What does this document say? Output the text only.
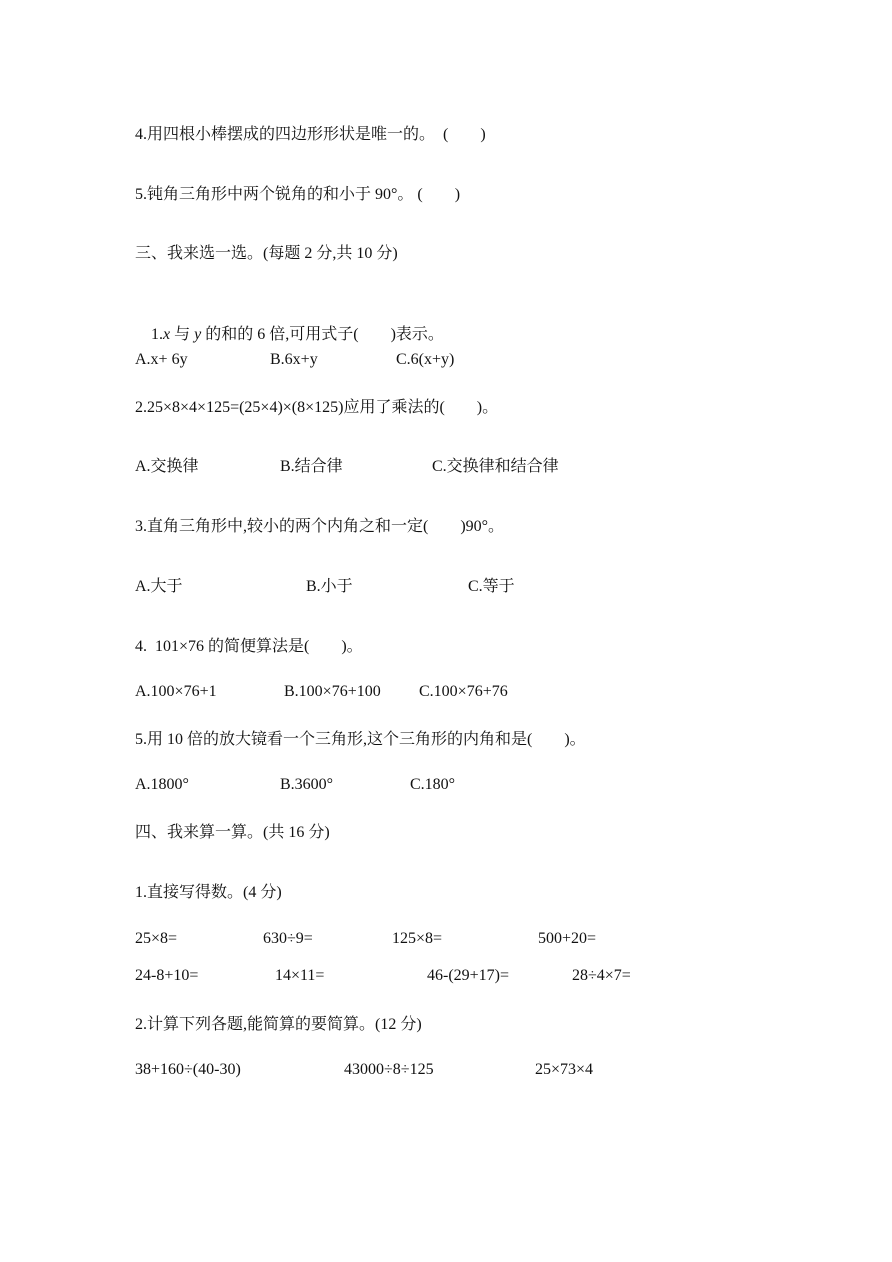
4.用四根小棒摆成的四边形形状是唯一的。  (        )
5.钝角三角形中两个锐角的和小于 90°。 (        )
三、我来选一选。(每题 2 分,共 10 分)

1.x 与 y 的和的 6 倍,可用式子(        )表示。

A.x+ 6y	B.6x+y	C.6(x+y)
2.25×8×4×125=(25×4)×(8×125)应用了乘法的(        )。
A.交换律	B.结合律	C.交换律和结合律
3.直角三角形中,较小的两个内角之和一定(        )90°。
A.大于	B.小于	C.等于
4.  101×76 的简便算法是(        )。
A.100×76+1	B.100×76+100 C.100×76+76
5.用 10 倍的放大镜看一个三角形,这个三角形的内角和是(        )。
A.1800°	B.3600°	C.180°
四、我来算一算。(共 16 分)
1.直接写得数。(4 分)
25×8=	630÷9=	125×8=	500+20=
24-8+10=	14×11=	46-(29+17)=	28÷4×7=
2.计算下列各题,能简算的要简算。(12 分)
38+160÷(40-30)	43000÷8÷125	25×73×4
